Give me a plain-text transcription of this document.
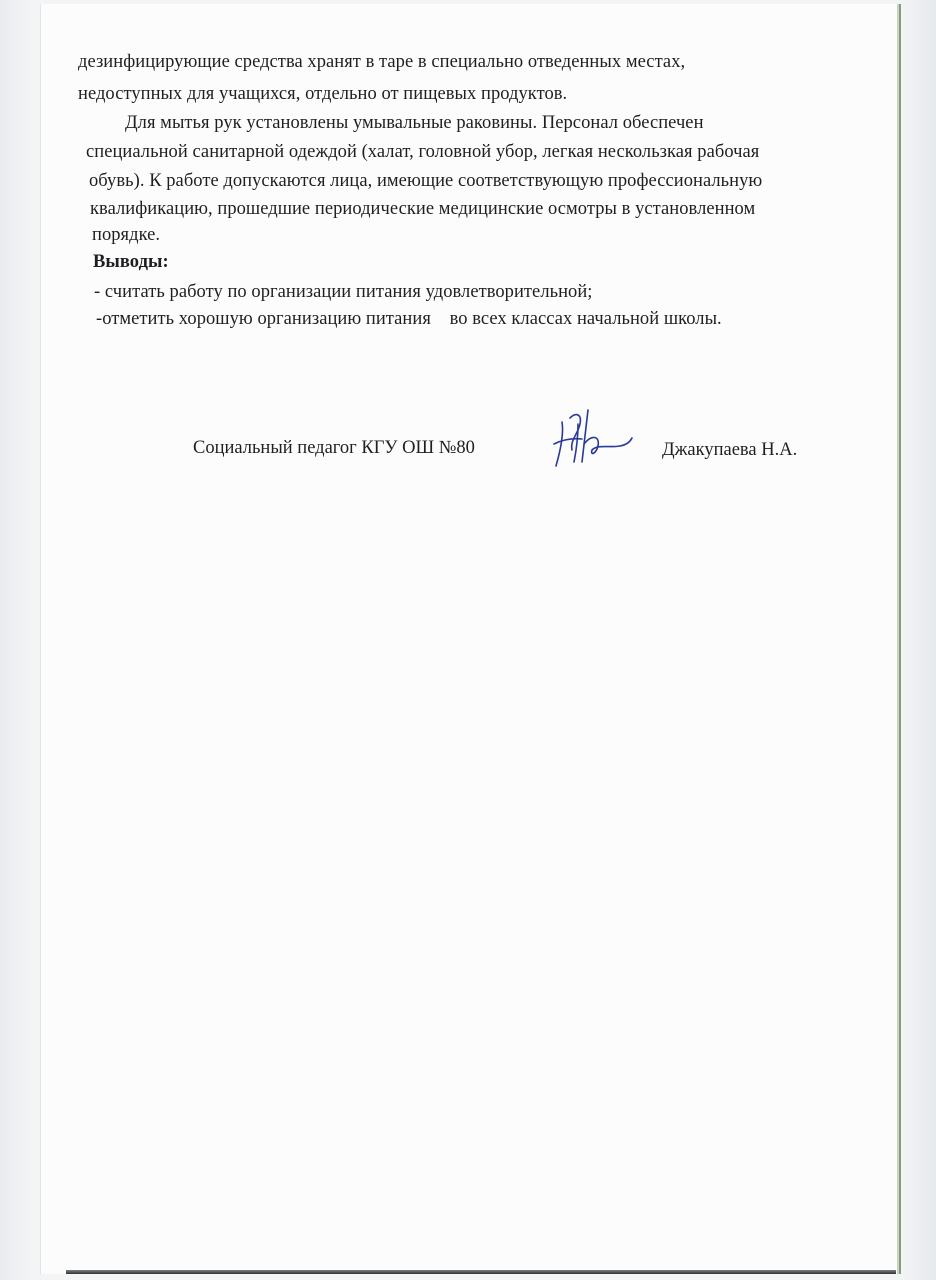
дезинфицирующие средства хранят в таре в специально отведенных местах,
недоступных для учащихся, отдельно от пищевых продуктов.
Для мытья рук установлены умывальные раковины. Персонал обеспечен
специальной санитарной одеждой (халат, головной убор, легкая нескользкая рабочая
обувь). К работе допускаются лица, имеющие соответствующую профессиональную
квалификацию, прошедшие периодические медицинские осмотры в установленном
порядке.
Выводы:
- считать работу по организации питания удовлетворительной;
-отметить хорошую организацию питания    во всех классах начальной школы.
Социальный педагог КГУ ОШ №80	Джакупаева Н.А.
